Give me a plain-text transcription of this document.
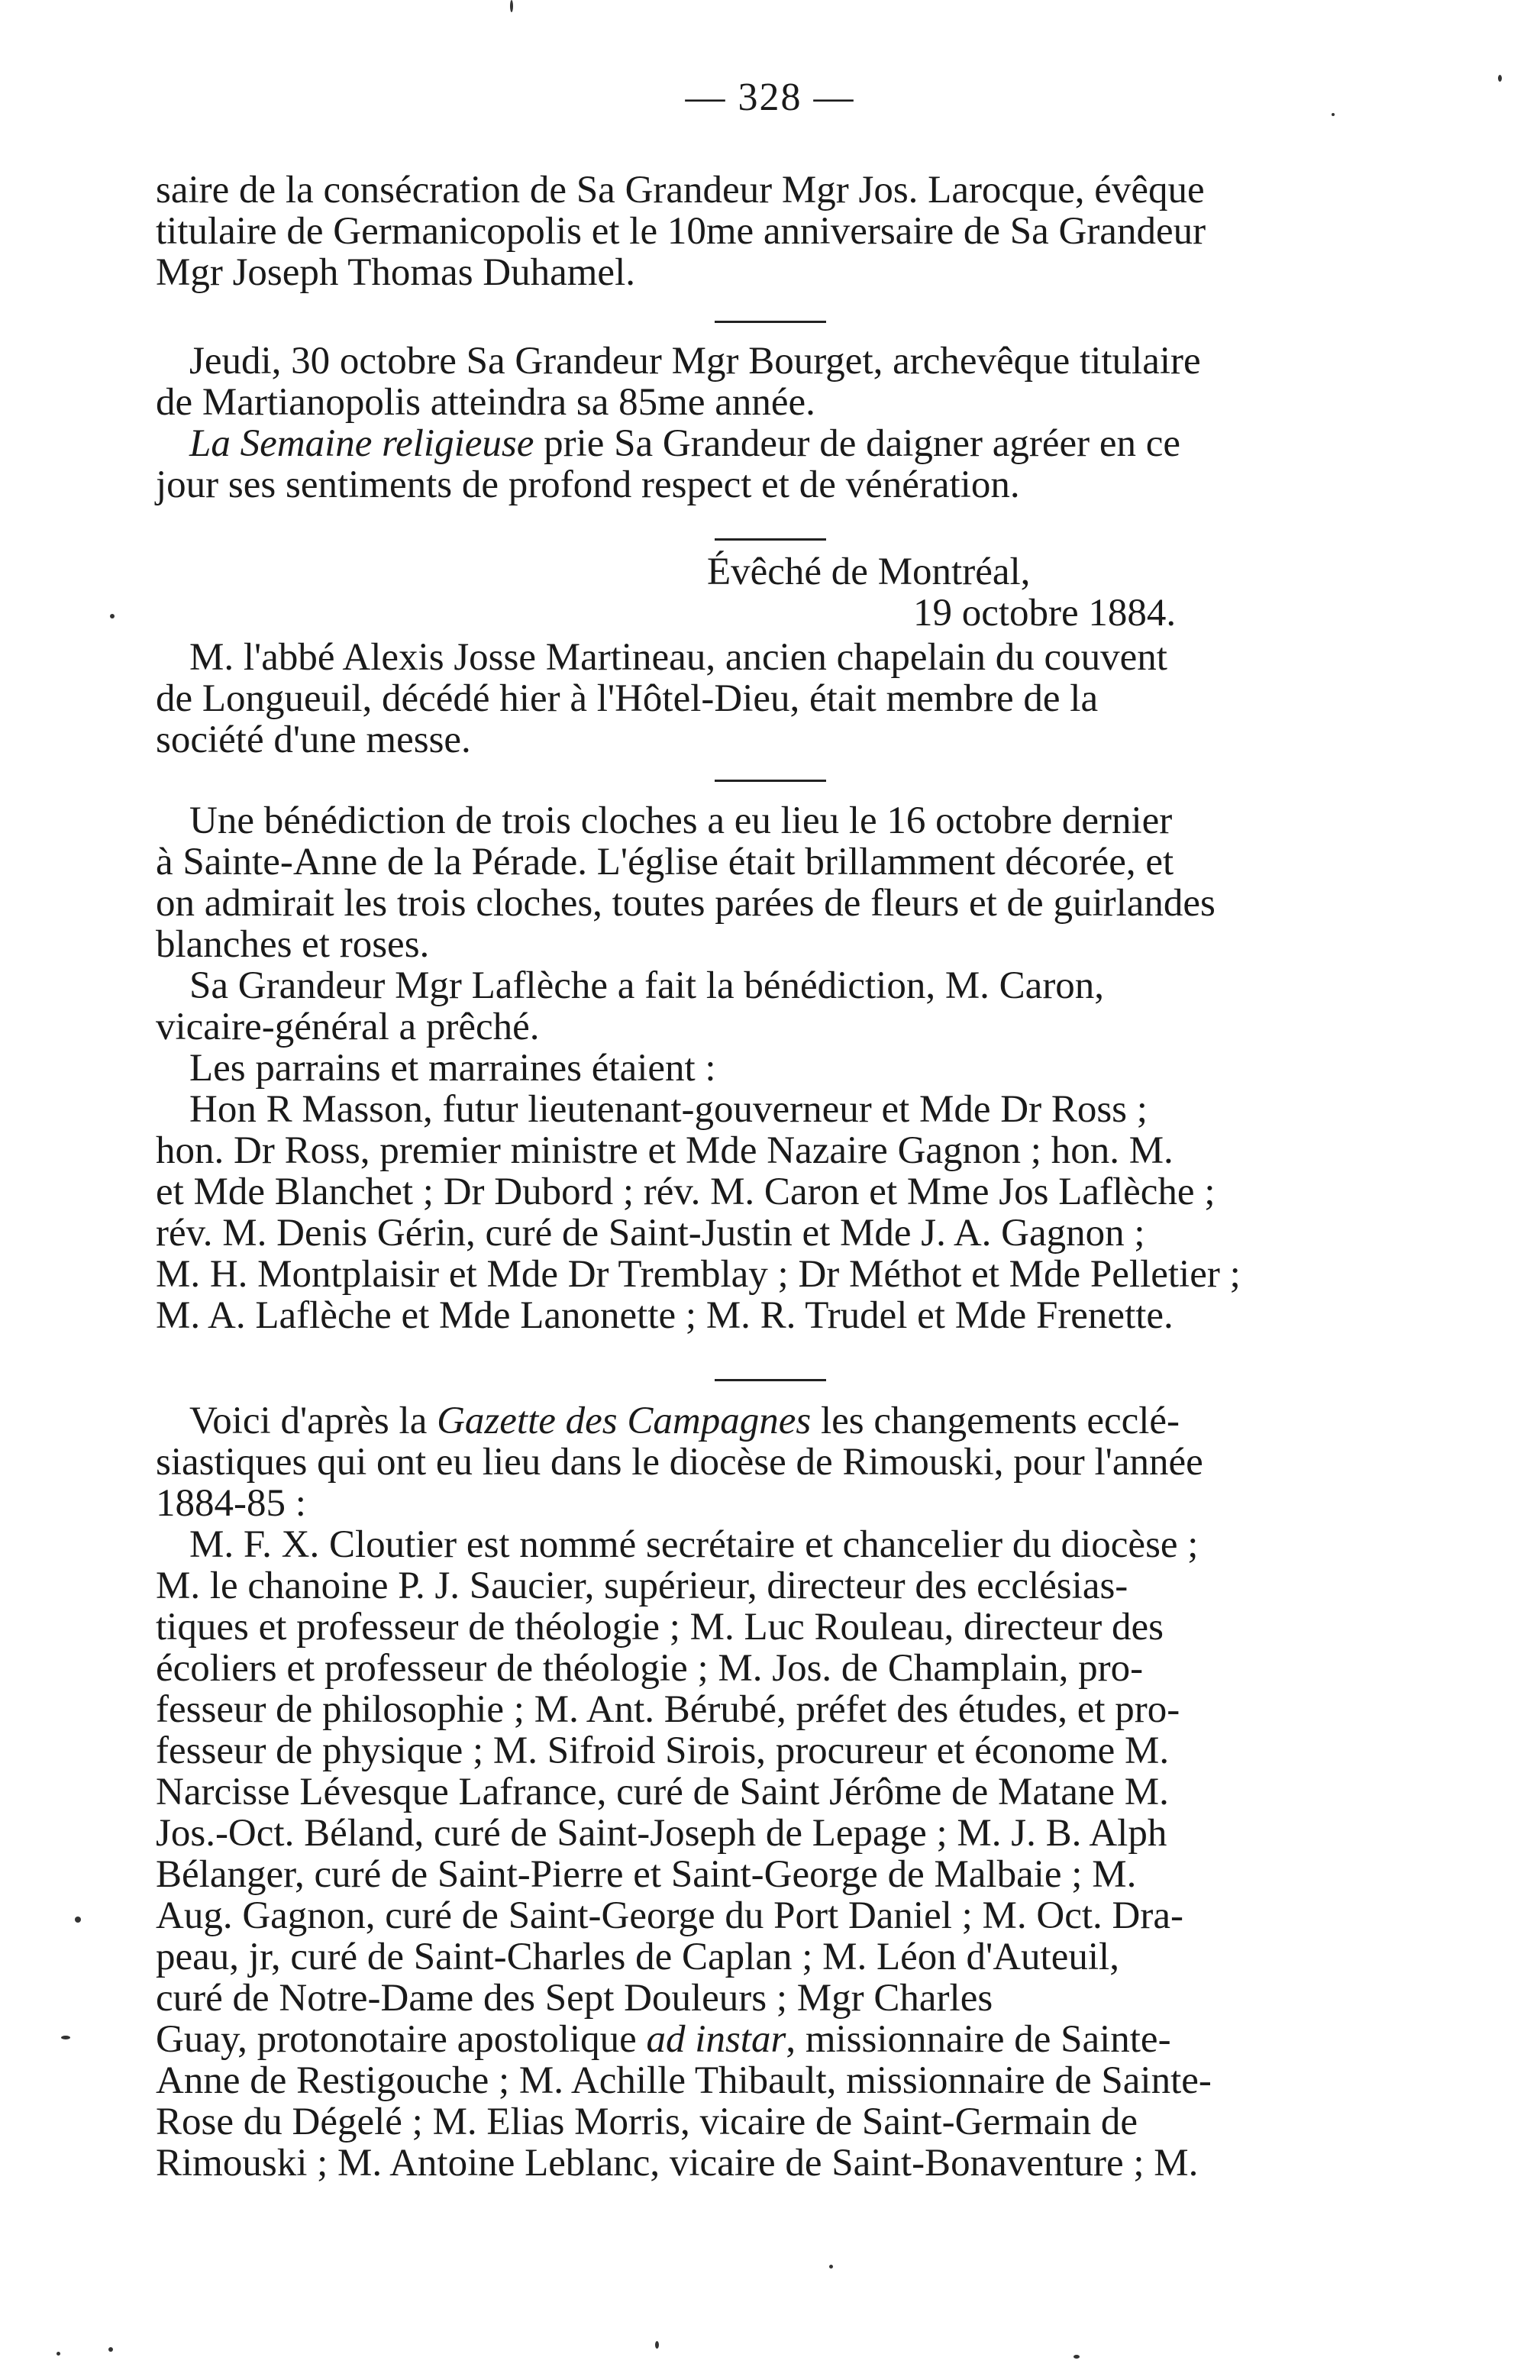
— 328 —
saire de la consécration de Sa Grandeur Mgr Jos. Larocque, évêque
titulaire de Germanicopolis et le 10me anniversaire de Sa Grandeur
Mgr Joseph Thomas Duhamel.
Jeudi, 30 octobre Sa Grandeur Mgr Bourget, archevêque titulaire
de Martianopolis atteindra sa 85me année.
La Semaine religieuse prie Sa Grandeur de daigner agréer en ce
jour ses sentiments de profond respect et de vénération.
Évêché de Montréal,
19 octobre 1884.
M. l'abbé Alexis Josse Martineau, ancien chapelain du couvent
de Longueuil, décédé hier à l'Hôtel-Dieu, était membre de la
société d'une messe.
Une bénédiction de trois cloches a eu lieu le 16 octobre dernier
à Sainte-Anne de la Pérade. L'église était brillamment décorée, et
on admirait les trois cloches, toutes parées de fleurs et de guirlandes
blanches et roses.
Sa Grandeur Mgr Laflèche a fait la bénédiction, M. Caron,
vicaire-général a prêché.
Les parrains et marraines étaient :
Hon R Masson, futur lieutenant-gouverneur et Mde Dr Ross ;
hon. Dr Ross, premier ministre et Mde Nazaire Gagnon ; hon. M.
et Mde Blanchet ; Dr Dubord ; rév. M. Caron et Mme Jos Laflèche ;
rév. M. Denis Gérin, curé de Saint-Justin et Mde J. A. Gagnon ;
M. H. Montplaisir et Mde Dr Tremblay ; Dr Méthot et Mde Pelletier ;
M. A. Laflèche et Mde Lanonette ; M. R. Trudel et Mde Frenette.
Voici d'après la Gazette des Campagnes les changements ecclé-
siastiques qui ont eu lieu dans le diocèse de Rimouski, pour l'année
1884-85 :
M. F. X. Cloutier est nommé secrétaire et chancelier du diocèse ;
M. le chanoine P. J. Saucier, supérieur, directeur des ecclésias-
tiques et professeur de théologie ; M. Luc Rouleau, directeur des
écoliers et professeur de théologie ; M. Jos. de Champlain, pro-
fesseur de philosophie ; M. Ant. Bérubé, préfet des études, et pro-
fesseur de physique ; M. Sifroid Sirois, procureur et économe M.
Narcisse Lévesque Lafrance, curé de Saint Jérôme de Matane M.
Jos.-Oct. Béland, curé de Saint-Joseph de Lepage ; M. J. B. Alph
Bélanger, curé de Saint-Pierre et Saint-George de Malbaie ; M.
Aug. Gagnon, curé de Saint-George du Port Daniel ; M. Oct. Dra-
peau, jr, curé de Saint-Charles de Caplan ; M. Léon d'Auteuil,
curé de Notre-Dame des Sept Douleurs ; Mgr Charles
Guay, protonotaire apostolique ad instar, missionnaire de Sainte-
Anne de Restigouche ; M. Achille Thibault, missionnaire de Sainte-
Rose du Dégelé ; M. Elias Morris, vicaire de Saint-Germain de
Rimouski ; M. Antoine Leblanc, vicaire de Saint-Bonaventure ; M.
